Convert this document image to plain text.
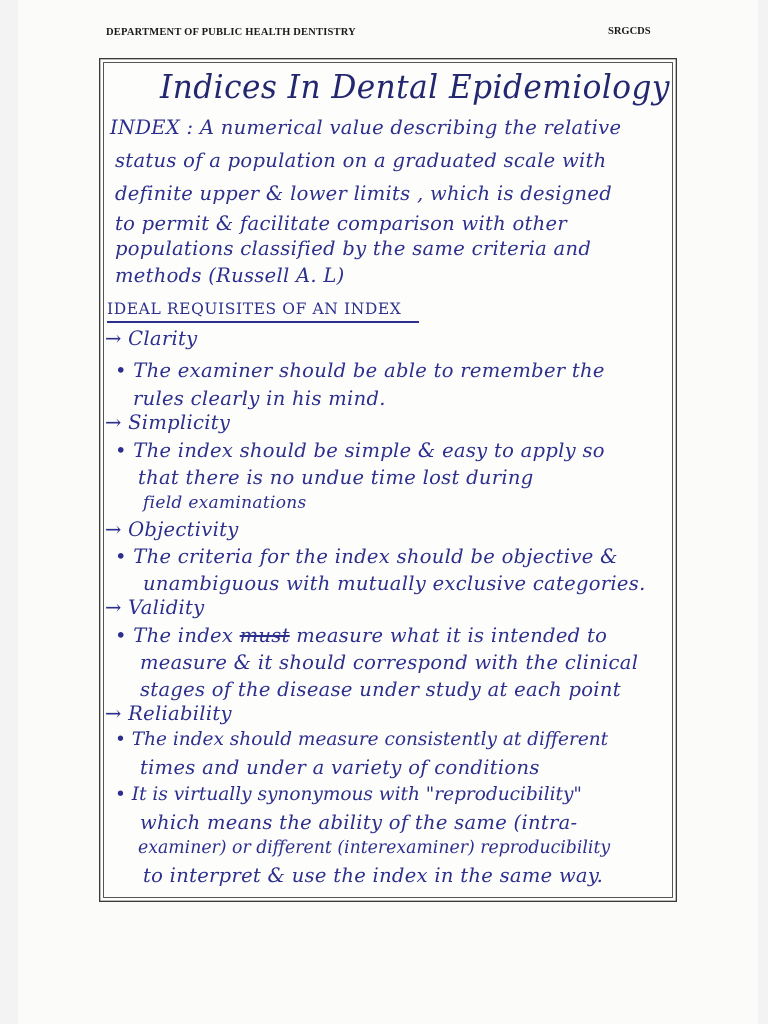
DEPARTMENT OF PUBLIC HEALTH DENTISTRY	SRGCDS
Indices In Dental Epidemiology
INDEX : A numerical value describing the relative
status of a population on a graduated scale with
definite upper & lower limits , which is designed
to permit & facilitate comparison with other
populations classified by the same criteria and
methods (Russell A. L)
IDEAL REQUISITES OF AN INDEX
→ Clarity
• The examiner should be able to remember the
rules clearly in his mind.
→ Simplicity
• The index should be simple & easy to apply so
that there is no undue time lost during
field examinations
→ Objectivity
• The criteria for the index should be objective &
unambiguous with mutually exclusive categories.
→ Validity
• The index must measure what it is intended to
measure & it should correspond with the clinical
stages of the disease under study at each point
→ Reliability
• The index should measure consistently at different
times and under a variety of conditions
• It is virtually synonymous with "reproducibility"
which means the ability of the same (intra-
examiner) or different (interexaminer) reproducibility
to interpret & use the index in the same way.
